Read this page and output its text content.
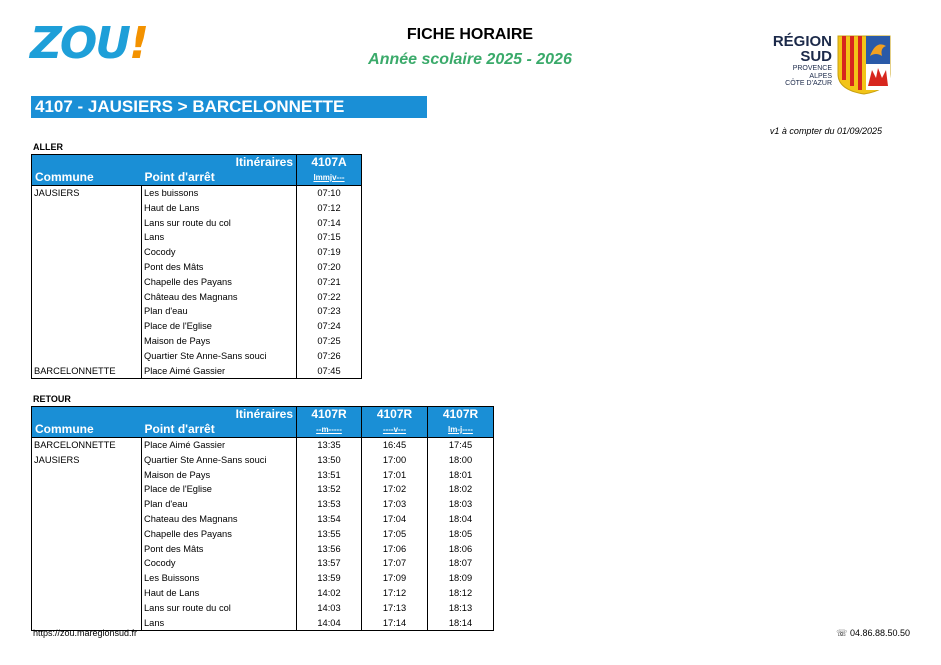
ZOU!	FICHE HORAIRE
Année scolaire 2025 - 2026
RÉGION
SUD
PROVENCE
ALPES
CÔTE D'AZUR
4107 - JAUSIERS > BARCELONNETTE
v1 à compter du 01/09/2025
ALLER
	Itinéraires	4107A
Commune	Point d'arrêt	lmmjv---
JAUSIERS	Les buissons	07:10
	Haut de Lans	07:12
	Lans sur route du col	07:14
	Lans	07:15
	Cocody	07:19
	Pont des Mâts	07:20
	Chapelle des Payans	07:21
	Château des Magnans	07:22
	Plan d'eau	07:23
	Place de l'Eglise	07:24
	Maison de Pays	07:25
	Quartier Ste Anne-Sans souci	07:26
BARCELONNETTE	Place Aimé Gassier	07:45
RETOUR
	Itinéraires	4107R	4107R	4107R
Commune	Point d'arrêt	--m-----	----v---	lm-j----
BARCELONNETTE	Place Aimé Gassier	13:35	16:45	17:45
JAUSIERS	Quartier Ste Anne-Sans souci	13:50	17:00	18:00
	Maison de Pays	13:51	17:01	18:01
	Place de l'Eglise	13:52	17:02	18:02
	Plan d'eau	13:53	17:03	18:03
	Chateau des Magnans	13:54	17:04	18:04
	Chapelle des Payans	13:55	17:05	18:05
	Pont des Mâts	13:56	17:06	18:06
	Cocody	13:57	17:07	18:07
	Les Buissons	13:59	17:09	18:09
	Haut de Lans	14:02	17:12	18:12
	Lans sur route du col	14:03	17:13	18:13
	Lans	14:04	17:14	18:14
https://zou.maregionsud.fr	☏ 04.86.88.50.50
